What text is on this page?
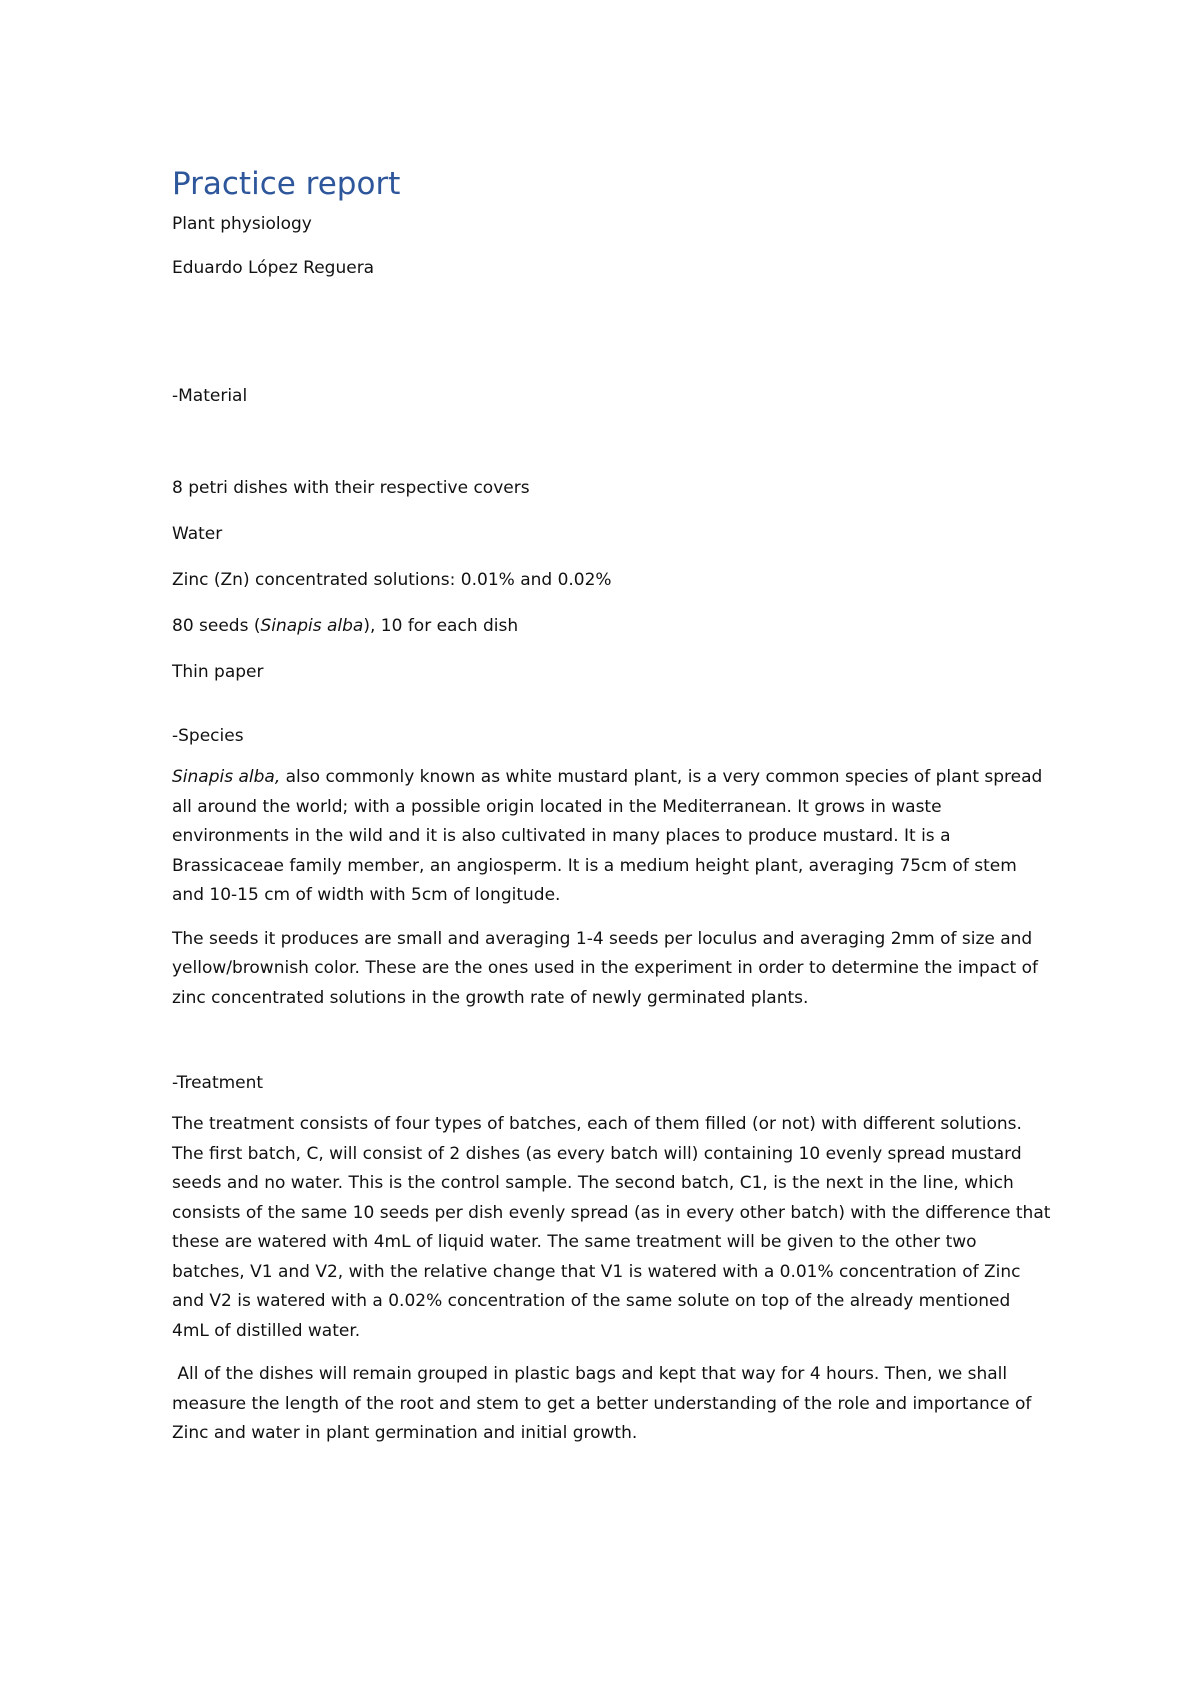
Practice report

Plant physiology

Eduardo López Reguera

-Material

8 petri dishes with their respective covers

Water

Zinc (Zn) concentrated solutions: 0.01% and 0.02%

80 seeds (Sinapis alba), 10 for each dish

Thin paper

-Species

Sinapis alba, also commonly known as white mustard plant, is a very common species of plant spread all around the world; with a possible origin located in the Mediterranean. It grows in waste environments in the wild and it is also cultivated in many places to produce mustard. It is a Brassicaceae family member, an angiosperm. It is a medium height plant, averaging 75cm of stem and 10-15 cm of width with 5cm of longitude.

The seeds it produces are small and averaging 1-4 seeds per loculus and averaging 2mm of size and yellow/brownish color. These are the ones used in the experiment in order to determine the impact of zinc concentrated solutions in the growth rate of newly germinated plants.

-Treatment

The treatment consists of four types of batches, each of them filled (or not) with different solutions. The first batch, C, will consist of 2 dishes (as every batch will) containing 10 evenly spread mustard seeds and no water. This is the control sample. The second batch, C1, is the next in the line, which consists of the same 10 seeds per dish evenly spread (as in every other batch) with the difference that these are watered with 4mL of liquid water. The same treatment will be given to the other two batches, V1 and V2, with the relative change that V1 is watered with a 0.01% concentration of Zinc and V2 is watered with a 0.02% concentration of the same solute on top of the already mentioned 4mL of distilled water.

All of the dishes will remain grouped in plastic bags and kept that way for 4 hours. Then, we shall measure the length of the root and stem to get a better understanding of the role and importance of Zinc and water in plant germination and initial growth.
